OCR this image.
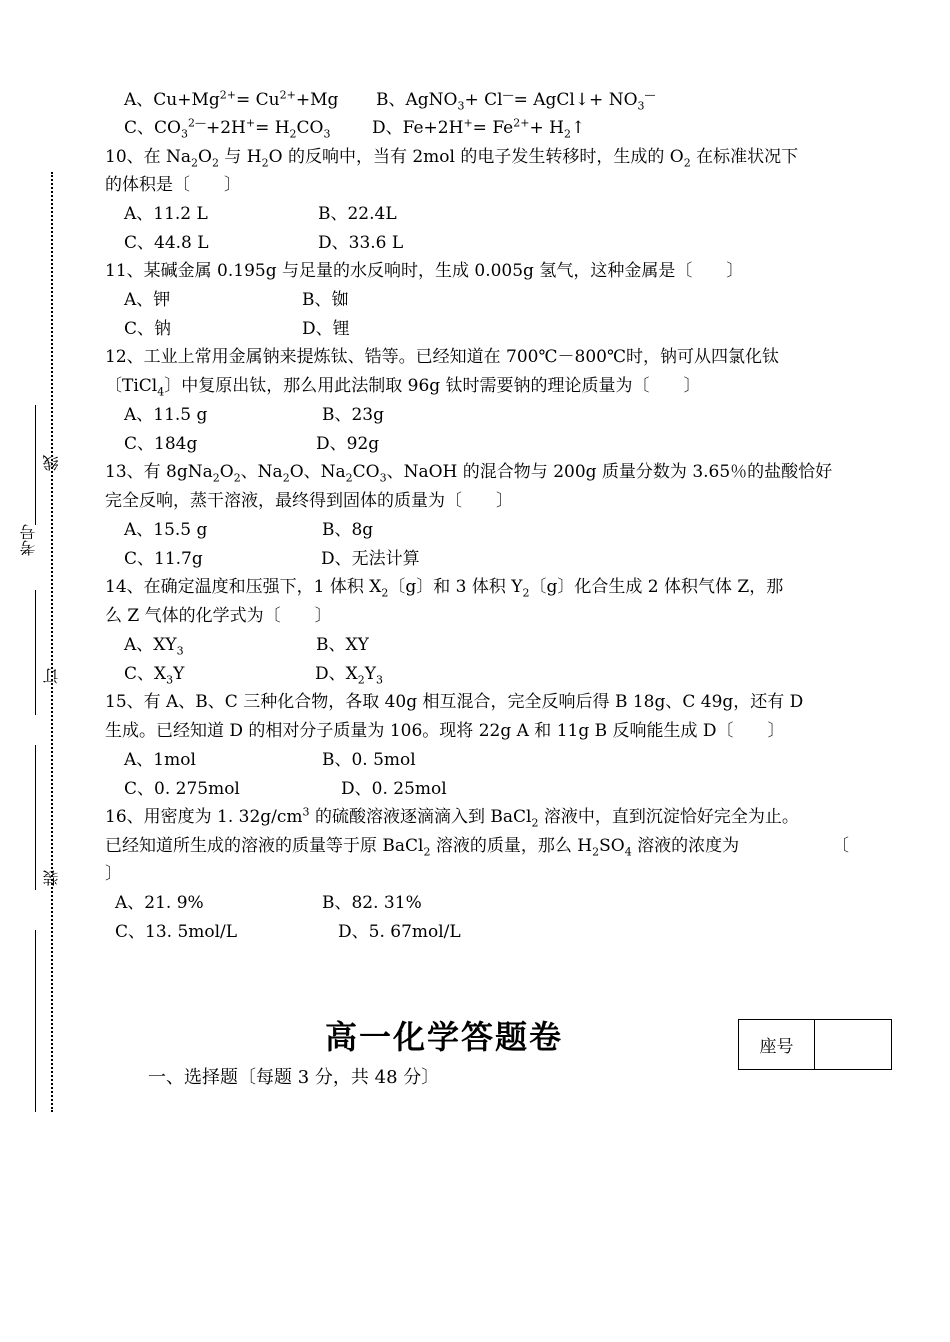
考号
线
订
装
A、$Cu+Mg^{2+}= Cu^{2+}+Mg$ B、AgNO$_3$+ Cl—= AgCl↓+ $NO_3^—$
C、$CO_3^{2—}+2H^+= H_2CO_3$ D、$Fe+2H^+= Fe^{2+}+$ $H_2↑$
10、在 $Na_2O_2$ 与 $H_2O$ 的反响中，当有 2mol 的电子发生转移时，生成的 $O_2$ 在标准状况下
的体积是〔　　〕
A、11.2 L	B、22.4L
C、44.8 L	D、33.6 L
11、某碱金属 0.195g 与足量的水反响时，生成 0.005g 氢气，这种金属是〔　　〕
A、钾	B、铷
C、钠	D、锂
12、工业上常用金属钠来提炼钛、锆等。已经知道在 700℃－800℃时，钠可从四氯化钛
〔TiCl$_4$〕中复原出钛，那么用此法制取 96g 钛时需要钠的理论质量为〔　　〕
A、11.5 g	B、23g
C、184g	D、92g
13、有 $8gNa_2O_2$、$Na_2O$、$Na_2CO_3$、NaOH 的混合物与 200g 质量分数为 3.65％的盐酸恰好
完全反响，蒸干溶液，最终得到固体的质量为〔　　〕
A、15.5 g	B、8g
C、11.7g	D、无法计算
14、在确定温度和压强下，1 体积 $X_2$〔g〕和 3 体积 $Y_2$〔g〕化合生成 2 体积气体 Z，那
么 Z 气体的化学式为〔　　〕
A、$XY_3$	B、XY
C、$X_3Y$	D、$X_2Y_3$
15、有 A、B、C 三种化合物，各取 40g 相互混合，完全反响后得 B 18g、C 49g，还有 D
生成。已经知道 D 的相对分子质量为 106。现将 22g A 和 11g B 反响能生成 D〔　　〕
A、1mol	B、0. 5mol
C、0. 275mol	D、0. 25mol
16、用密度为 1. $32g/cm^3$ 的硫酸溶液逐滴滴入到 BaCl$_2$ 溶液中，直到沉淀恰好完全为止。
已经知道所生成的溶液的质量等于原 BaCl$_2$ 溶液的质量，那么 $H_2SO_4$ 溶液的浓度为	〔
〕
A、21. 9%	B、82. 31%
C、13. 5mol/L	D、5. 67mol/L
高一化学答题卷
一、选择题〔每题 3 分，共 48 分〕
座号
